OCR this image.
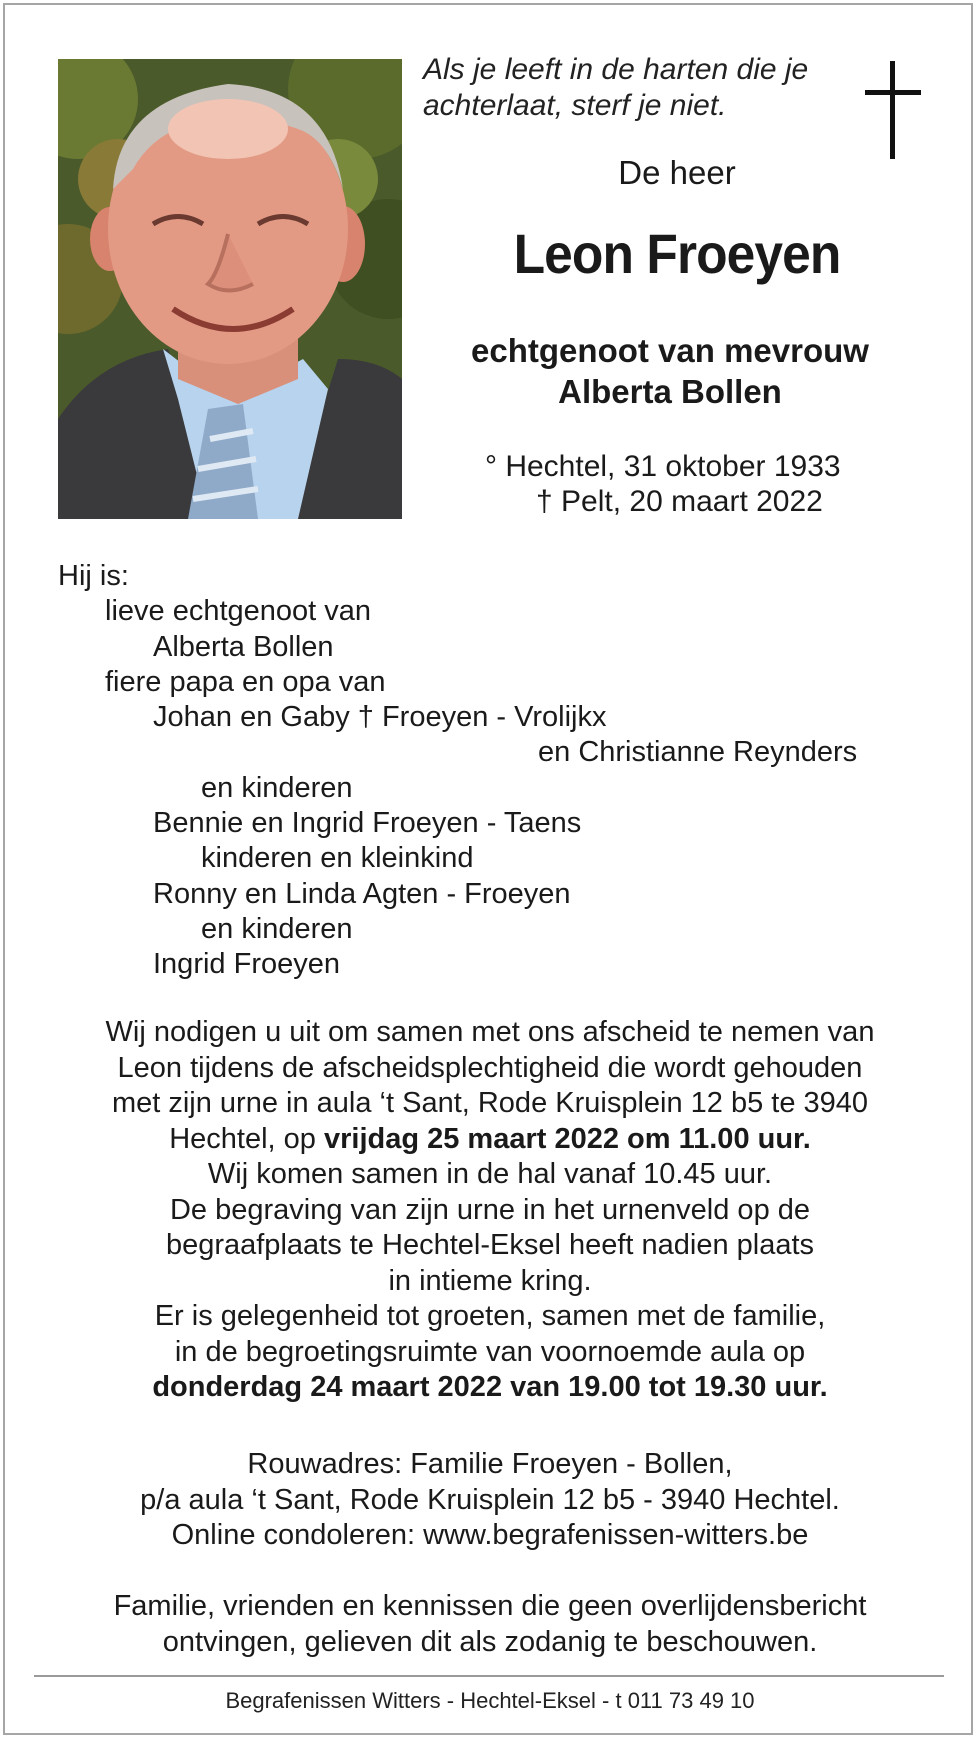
Als je leeft in de harten die je
achterlaat, sterf je niet.
De heer
Leon Froeyen
echtgenoot van mevrouw
Alberta Bollen
° Hechtel, 31 oktober 1933
† Pelt, 20 maart 2022
Hij is:
lieve echtgenoot van
Alberta Bollen
fiere papa en opa van
Johan en Gaby † Froeyen - Vrolijkx
en Christianne Reynders
en kinderen
Bennie en Ingrid Froeyen - Taens
kinderen en kleinkind
Ronny en Linda Agten - Froeyen
en kinderen
Ingrid Froeyen
Wij nodigen u uit om samen met ons afscheid te nemen van
Leon tijdens de afscheidsplechtigheid die wordt gehouden
met zijn urne in aula ‘t Sant, Rode Kruisplein 12 b5 te 3940
Hechtel, op vrijdag 25 maart 2022 om 11.00 uur.
Wij komen samen in de hal vanaf 10.45 uur.
De begraving van zijn urne in het urnenveld op de
begraafplaats te Hechtel-Eksel heeft nadien plaats
in intieme kring.
Er is gelegenheid tot groeten, samen met de familie,
in de begroetingsruimte van voornoemde aula op
donderdag 24 maart 2022 van 19.00 tot 19.30 uur.
Rouwadres: Familie Froeyen - Bollen,
p/a aula ‘t Sant, Rode Kruisplein 12 b5 - 3940 Hechtel.
Online condoleren: www.begrafenissen-witters.be
Familie, vrienden en kennissen die geen overlijdensbericht
ontvingen, gelieven dit als zodanig te beschouwen.
Begrafenissen Witters - Hechtel-Eksel - t 011 73 49 10
